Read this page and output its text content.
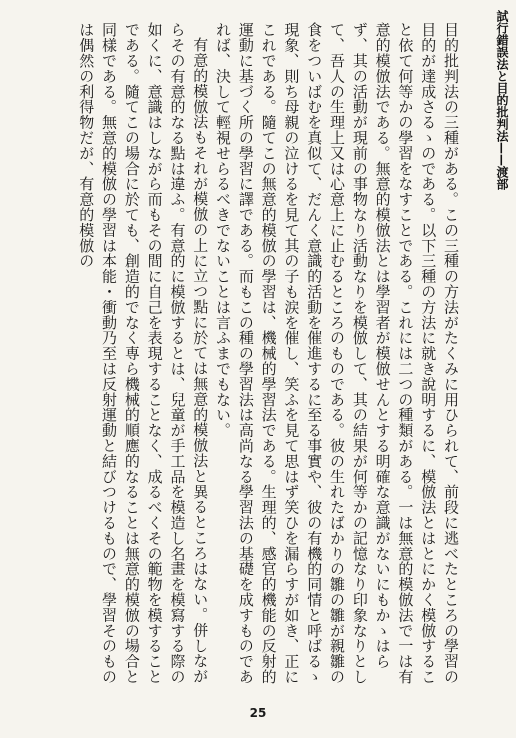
試行錯誤法と目的批判法——渡部

目的批判法の三種がある。この三種の方法がたくみに用ひられて、前段に逃べたところの學習の目的が達成さるゝのである。以下三種の方法に就き說明するに、模倣法とはとにかく模倣すること依て何等かの學習をなすことである。これには二つの種類がある。一は無意的模倣法で一は有意的模倣法である。無意的模倣法とは學習者が模倣せんとする明確な意識がないにもかゝはらず、其の活動が現前の事物なり活動なりを模倣して、其の結果が何等かの記憶なり印象なりとして、吾人の生理上又は心意上に止むるところのものである。彼の生れたばかりの雛の雛が親雛の食をついばむを真似て、だんく意識的活動を催進するに至る事實や、彼の有機的同情と呼ばるゝ現象、則ち母親の泣けるを見て其の子も涙を催し、笑ふを見て思はず笑ひを漏らすが如き、正にこれである。隨てこの無意的模倣の學習は、機械的學習法である。生理的、感官的機能の反射的運動に基づく所の學習に譯である。而もこの種の學習法は高尚なる學習法の基礎を成すものであれば、決して輕視せらるべきでないことは言ふまでもない。

有意的模倣法もそれが模倣の上に立つ點に於ては無意的模倣法と異るところはない。併しながらその有意的なる點は違ふ。有意的に模倣するとは、兒童が手工品を模造し名畫を模寫する際の如くに、意識はしながら而もその間に自己を表現することなく、成るべくその範物を模することである。隨てこの場合に於ても、創造的でなく専ら機械的順應的なることは無意的模倣の場合と同樣である。無意的模倣の學習は本能・衝動乃至は反射運動と結びつけるもので、學習そのものは偶然の利得物だが、有意的模倣の

25
